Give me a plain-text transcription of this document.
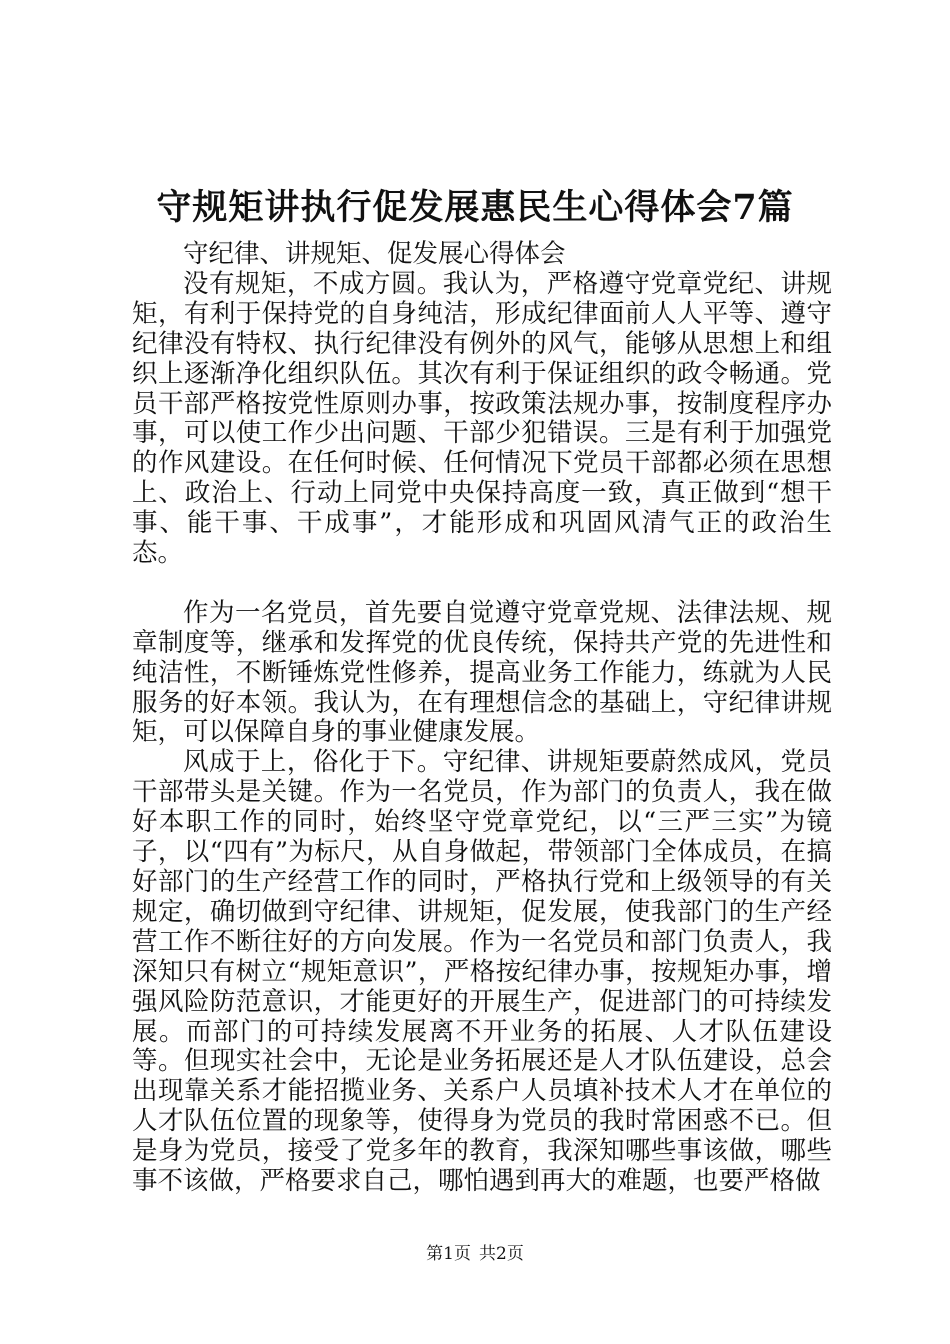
守规矩讲执行促发展惠民生心得体会7篇

守纪律、讲规矩、促发展心得体会

没有规矩，不成方圆。我认为，严格遵守党章党纪、讲规矩，有利于保持党的自身纯洁，形成纪律面前人人平等、遵守纪律没有特权、执行纪律没有例外的风气，能够从思想上和组织上逐渐净化组织队伍。其次有利于保证组织的政令畅通。党员干部严格按党性原则办事，按政策法规办事，按制度程序办事，可以使工作少出问题、干部少犯错误。三是有利于加强党的作风建设。在任何时候、任何情况下党员干部都必须在思想上、政治上、行动上同党中央保持高度一致，真正做到“想干事、能干事、干成事”，才能形成和巩固风清气正的政治生态。

作为一名党员，首先要自觉遵守党章党规、法律法规、规章制度等，继承和发挥党的优良传统，保持共产党的先进性和纯洁性，不断锤炼党性修养，提高业务工作能力，练就为人民服务的好本领。我认为，在有理想信念的基础上，守纪律讲规矩，可以保障自身的事业健康发展。

风成于上，俗化于下。守纪律、讲规矩要蔚然成风，党员干部带头是关键。作为一名党员，作为部门的负责人，我在做好本职工作的同时，始终坚守党章党纪，以“三严三实”为镜子，以“四有”为标尺，从自身做起，带领部门全体成员，在搞好部门的生产经营工作的同时，严格执行党和上级领导的有关规定，确切做到守纪律、讲规矩，促发展，使我部门的生产经营工作不断往好的方向发展。作为一名党员和部门负责人，我深知只有树立“规矩意识”，严格按纪律办事，按规矩办事，增强风险防范意识，才能更好的开展生产，促进部门的可持续发展。而部门的可持续发展离不开业务的拓展、人才队伍建设等。但现实社会中，无论是业务拓展还是人才队伍建设，总会出现靠关系才能招揽业务、关系户人员填补技术人才在单位的人才队伍位置的现象等，使得身为党员的我时常困惑不已。但是身为党员，接受了党多年的教育，我深知哪些事该做，哪些事不该做，严格要求自己，哪怕遇到再大的难题，也要严格做

第1页 共2页
